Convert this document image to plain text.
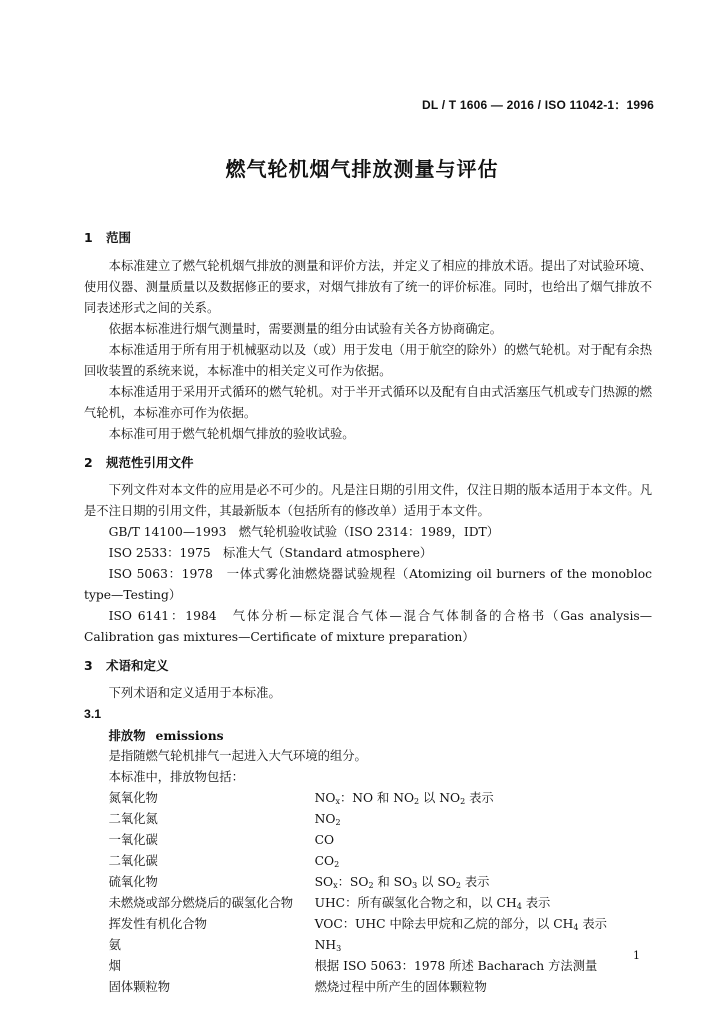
DL / T 1606 — 2016 / ISO 11042-1：1996
燃气轮机烟气排放测量与评估
1 范围

本标准建立了燃气轮机烟气排放的测量和评价方法，并定义了相应的排放术语。提出了对试验环境、使用仪器、测量质量以及数据修正的要求，对烟气排放有了统一的评价标准。同时，也给出了烟气排放不同表述形式之间的关系。

依据本标准进行烟气测量时，需要测量的组分由试验有关各方协商确定。

本标准适用于所有用于机械驱动以及（或）用于发电（用于航空的除外）的燃气轮机。对于配有余热回收装置的系统来说，本标准中的相关定义可作为依据。

本标准适用于采用开式循环的燃气轮机。对于半开式循环以及配有自由式活塞压气机或专门热源的燃气轮机，本标准亦可作为依据。

本标准可用于燃气轮机烟气排放的验收试验。

2 规范性引用文件

下列文件对本文件的应用是必不可少的。凡是注日期的引用文件，仅注日期的版本适用于本文件。凡是不注日期的引用文件，其最新版本（包括所有的修改单）适用于本文件。

GB/T 14100—1993　燃气轮机验收试验（ISO 2314：1989，IDT）

ISO 2533：1975　标准大气（Standard atmosphere）

ISO 5063：1978　一体式雾化油燃烧器试验规程（Atomizing oil burners of the monobloc type—Testing）

ISO 6141：1984　气体分析—标定混合气体—混合气体制备的合格书（Gas analysis—Calibration gas mixtures—Certificate of mixture preparation）

3 术语和定义

下列术语和定义适用于本标准。

3.1

排放物 emissions

是指随燃气轮机排气一起进入大气环境的组分。

本标准中，排放物包括：

氮氧化物	$NO_x$：NO 和 $NO_2$ 以 $NO_2$ 表示
二氧化氮	$NO_2$
一氧化碳	CO
二氧化碳	$CO_2$
硫氧化物	$SO_x$：$SO_2$ 和 $SO_3$ 以 $SO_2$ 表示
未燃烧或部分燃烧后的碳氢化合物	UHC：所有碳氢化合物之和，以 $CH_4$ 表示
挥发性有机化合物	VOC：UHC 中除去甲烷和乙烷的部分，以 $CH_4$ 表示
氨	$NH_3$
烟	根据 ISO 5063：1978 所述 Bacharach 方法测量
固体颗粒物	燃烧过程中所产生的固体颗粒物
1
